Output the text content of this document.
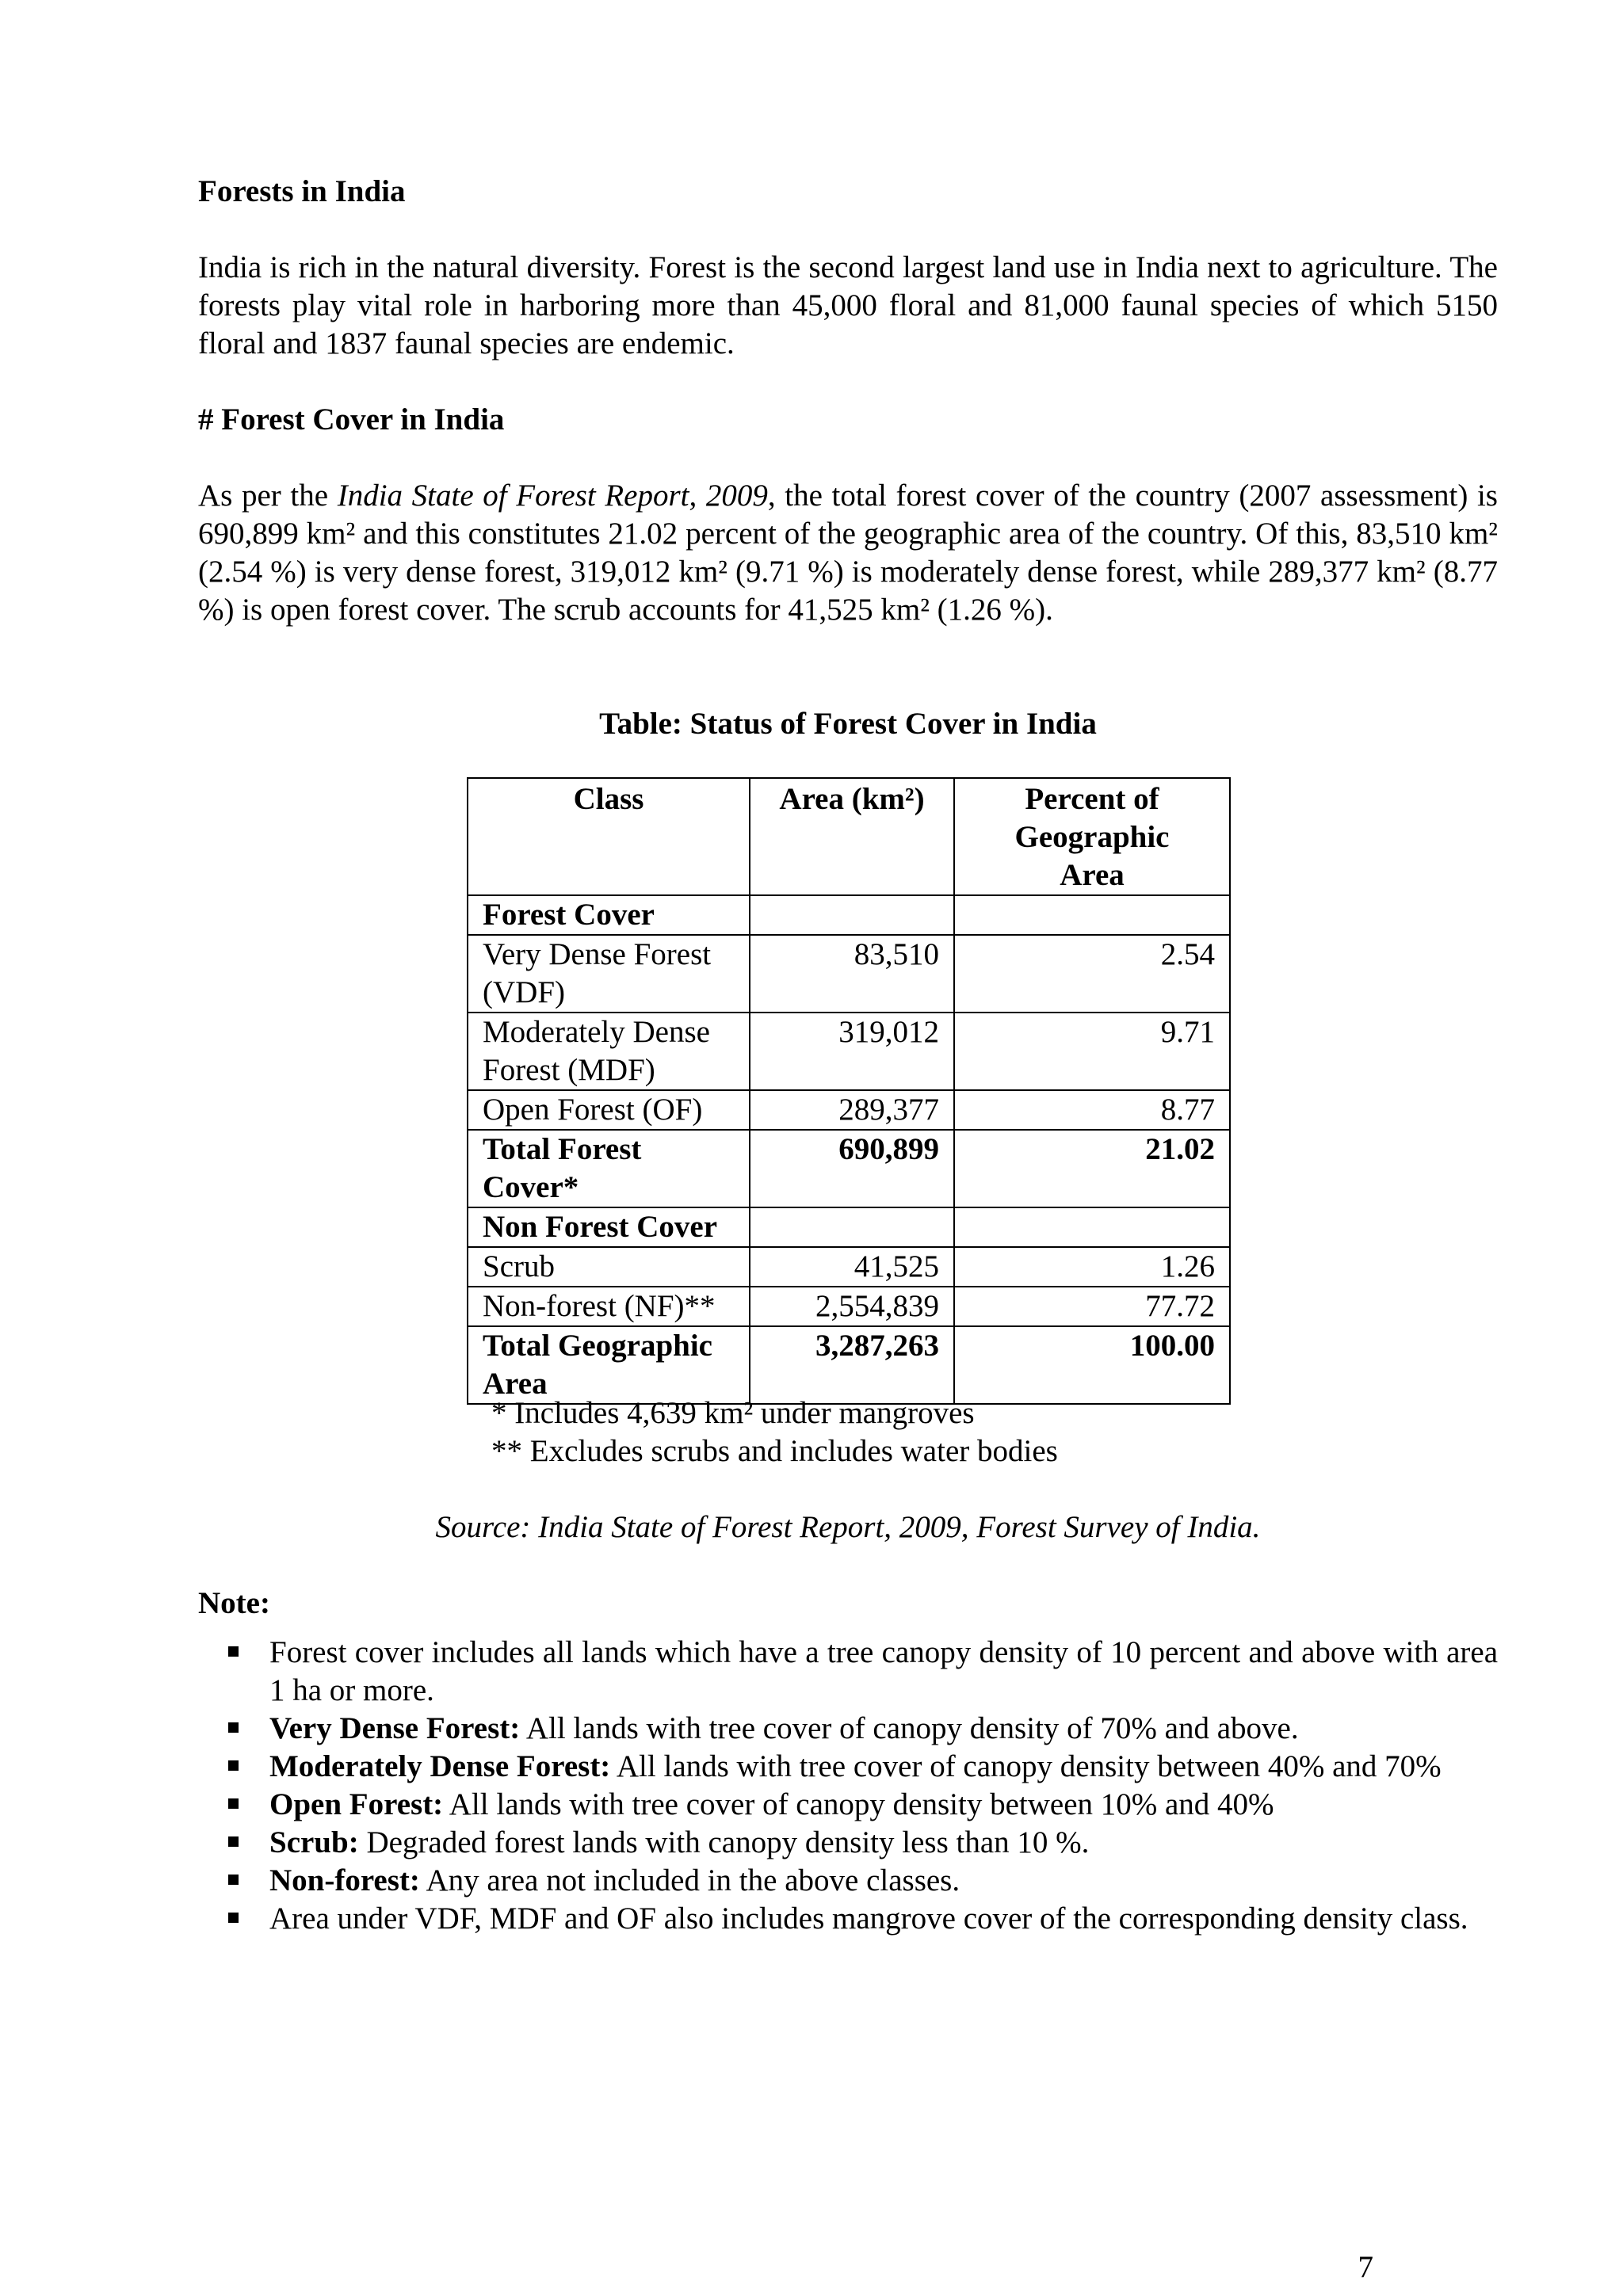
Forests in India

India is rich in the natural diversity. Forest is the second largest land use in India next to agriculture. The forests play vital role in harboring more than 45,000 floral and 81,000 faunal species of which 5150 floral and 1837 faunal species are endemic.

# Forest Cover in India

As per the India State of Forest Report, 2009, the total forest cover of the country (2007 assessment) is 690,899 km² and this constitutes 21.02 percent of the geographic area of the country. Of this, 83,510 km² (2.54 %) is very dense forest, 319,012 km² (9.71 %) is moderately dense forest, while 289,377 km² (8.77 %) is open forest cover. The scrub accounts for 41,525 km² (1.26 %).

Table: Status of Forest Cover in India
Class	Area (km²)	Percent of Geographic Area
Forest Cover		
Very Dense Forest (VDF)	83,510	2.54
Moderately Dense Forest (MDF)	319,012	9.71
Open Forest (OF)	289,377	8.77
Total Forest Cover*	690,899	21.02
Non Forest Cover		
Scrub	41,525	1.26
Non-forest (NF)**	2,554,839	77.72
Total Geographic Area	3,287,263	100.00
* Includes 4,639 km² under mangroves
** Excludes scrubs and includes water bodies
Source: India State of Forest Report, 2009, Forest Survey of India.
Note:
Forest cover includes all lands which have a tree canopy density of 10 percent and above with area 1 ha or more.
Very Dense Forest: All lands with tree cover of canopy density of 70% and above.
Moderately Dense Forest: All lands with tree cover of canopy density between 40% and 70%
Open Forest: All lands with tree cover of canopy density between 10% and 40%
Scrub: Degraded forest lands with canopy density less than 10 %.
Non-forest: Any area not included in the above classes.
Area under VDF, MDF and OF also includes mangrove cover of the corresponding density class.
7
